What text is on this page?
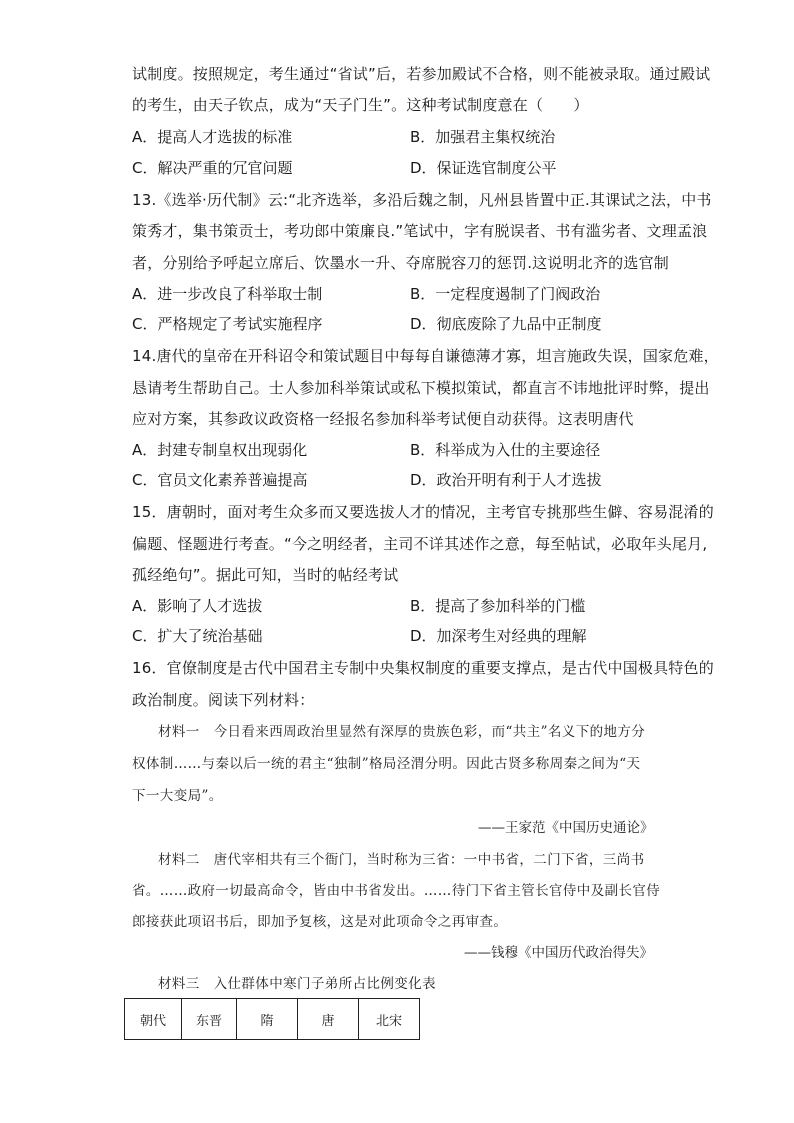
试制度。按照规定，考生通过“省试”后，若参加殿试不合格，则不能被录取。通过殿试
的考生，由天子钦点，成为“天子门生”。这种考试制度意在（　　）
A．提高人才选拔的标准	B．加强君主集权统治
C．解决严重的冗官问题	D．保证选官制度公平
13.《选举·历代制》云:“北齐选举，多沿后魏之制，凡州县皆置中正.其课试之法，中书
策秀才，集书策贡士，考功郎中策廉良.”笔试中，字有脱误者、书有滥劣者、文理孟浪
者，分别给予呼起立席后、饮墨水一升、夺席脱容刀的惩罚.这说明北齐的选官制
A．进一步改良了科举取士制	B．一定程度遏制了门阀政治
C．严格规定了考试实施程序	D．彻底废除了九品中正制度
14.唐代的皇帝在开科诏令和策试题目中每每自谦德薄才寡，坦言施政失误，国家危难，
恳请考生帮助自己。士人参加科举策试或私下模拟策试，都直言不讳地批评时弊，提出
应对方案，其参政议政资格一经报名参加科举考试便自动获得。这表明唐代
A．封建专制皇权出现弱化	B．科举成为入仕的主要途径
C．官员文化素养普遍提高	D．政治开明有利于人才选拔
15．唐朝时，面对考生众多而又要选拔人才的情况，主考官专挑那些生僻、容易混淆的
偏题、怪题进行考查。“今之明经者，主司不详其述作之意，每至帖试，必取年头尾月,
孤经绝句”。据此可知，当时的帖经考试
A．影响了人才选拔	B．提高了参加科举的门槛
C．扩大了统治基础	D．加深考生对经典的理解
16．官僚制度是古代中国君主专制中央集权制度的重要支撑点，是古代中国极具特色的
政治制度。阅读下列材料：
材料一　今日看来西周政治里显然有深厚的贵族色彩，而“共主”名义下的地方分
权体制……与秦以后一统的君主“独制”格局泾渭分明。因此古贤多称周秦之间为“天
下一大变局”。
——王家范《中国历史通论》
材料二　唐代宰相共有三个衙门，当时称为三省：一中书省，二门下省，三尚书
省。……政府一切最高命令，皆由中书省发出。……待门下省主管长官侍中及副长官侍
郎接获此项诏书后，即加予复核，这是对此项命令之再审查。
——钱穆《中国历代政治得失》
材料三　入仕群体中寒门子弟所占比例变化表
朝代	东晋	隋	唐	北宋
